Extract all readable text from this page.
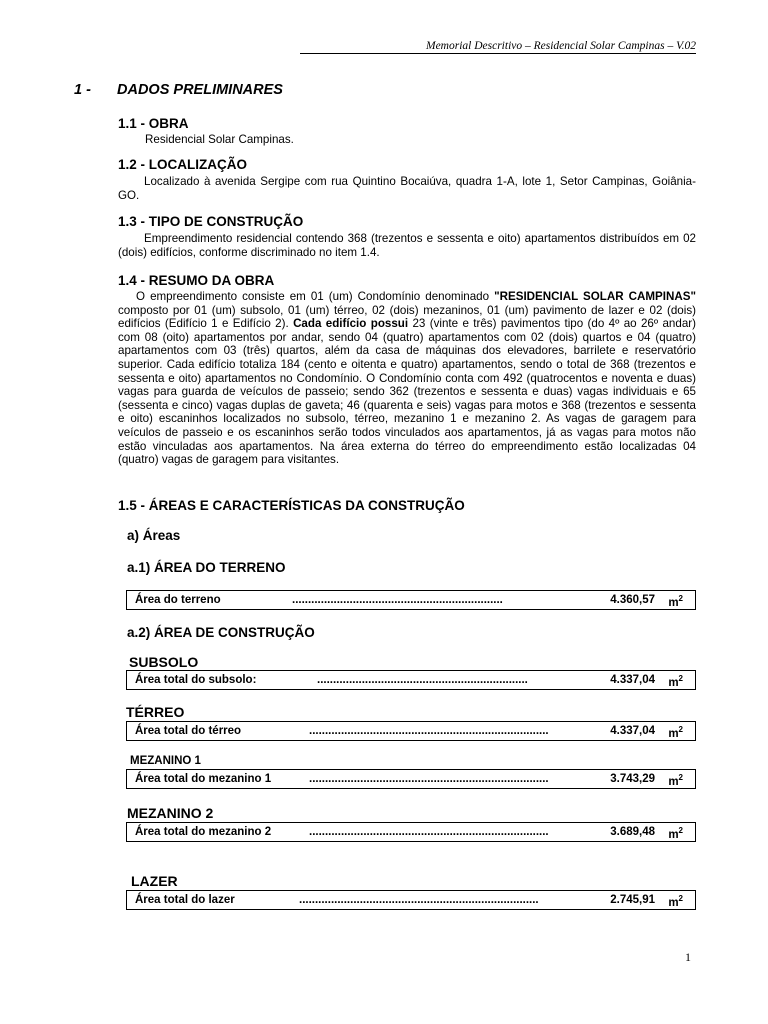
Memorial Descritivo – Residencial Solar Campinas – V.02
1 - DADOS PRELIMINARES
1.1 - OBRA
Residencial Solar Campinas.
1.2 - LOCALIZAÇÃO
Localizado à avenida Sergipe com rua Quintino Bocaiúva, quadra 1-A, lote 1, Setor Campinas, Goiânia-GO.
1.3 - TIPO DE CONSTRUÇÃO
Empreendimento residencial contendo 368 (trezentos e sessenta e oito) apartamentos distribuídos em 02 (dois) edifícios, conforme discriminado no item 1.4.
1.4 - RESUMO DA OBRA
O empreendimento consiste em 01 (um) Condomínio denominado "RESIDENCIAL SOLAR CAMPINAS" composto por 01 (um) subsolo, 01 (um) térreo, 02 (dois) mezaninos, 01 (um) pavimento de lazer e 02 (dois) edifícios (Edifício 1 e Edifício 2). Cada edifício possui 23 (vinte e três) pavimentos tipo (do 4º ao 26º andar) com 08 (oito) apartamentos por andar, sendo 04 (quatro) apartamentos com 02 (dois) quartos e 04 (quatro) apartamentos com 03 (três) quartos, além da casa de máquinas dos elevadores, barrilete e reservatório superior. Cada edifício totaliza 184 (cento e oitenta e quatro) apartamentos, sendo o total de 368 (trezentos e sessenta e oito) apartamentos no Condomínio. O Condomínio conta com 492 (quatrocentos e noventa e duas) vagas para guarda de veículos de passeio; sendo 362 (trezentos e sessenta e duas) vagas individuais e 65 (sessenta e cinco) vagas duplas de gaveta; 46 (quarenta e seis) vagas para motos e 368 (trezentos e sessenta e oito) escaninhos localizados no subsolo, térreo, mezanino 1 e mezanino 2. As vagas de garagem para veículos de passeio e os escaninhos serão todos vinculados aos apartamentos, já as vagas para motos não estão vinculadas aos apartamentos. Na área externa do térreo do empreendimento estão localizadas 04 (quatro) vagas de garagem para visitantes.
1.5 - ÁREAS E CARACTERÍSTICAS DA CONSTRUÇÃO
a) Áreas
a.1) ÁREA DO TERRENO
Área do terreno	..................................................................	4.360,57 $m^2$
a.2) ÁREA DE CONSTRUÇÃO
SUBSOLO
Área total do subsolo:	..................................................................	4.337,04 $m^2$
TÉRREO
Área total do térreo	...........................................................................	4.337,04 $m^2$
MEZANINO 1
Área total do mezanino 1	...........................................................................	3.743,29 $m^2$
MEZANINO 2
Área total do mezanino 2	...........................................................................	3.689,48 $m^2$
LAZER
Área total do lazer	...........................................................................	2.745,91 $m^2$
1
